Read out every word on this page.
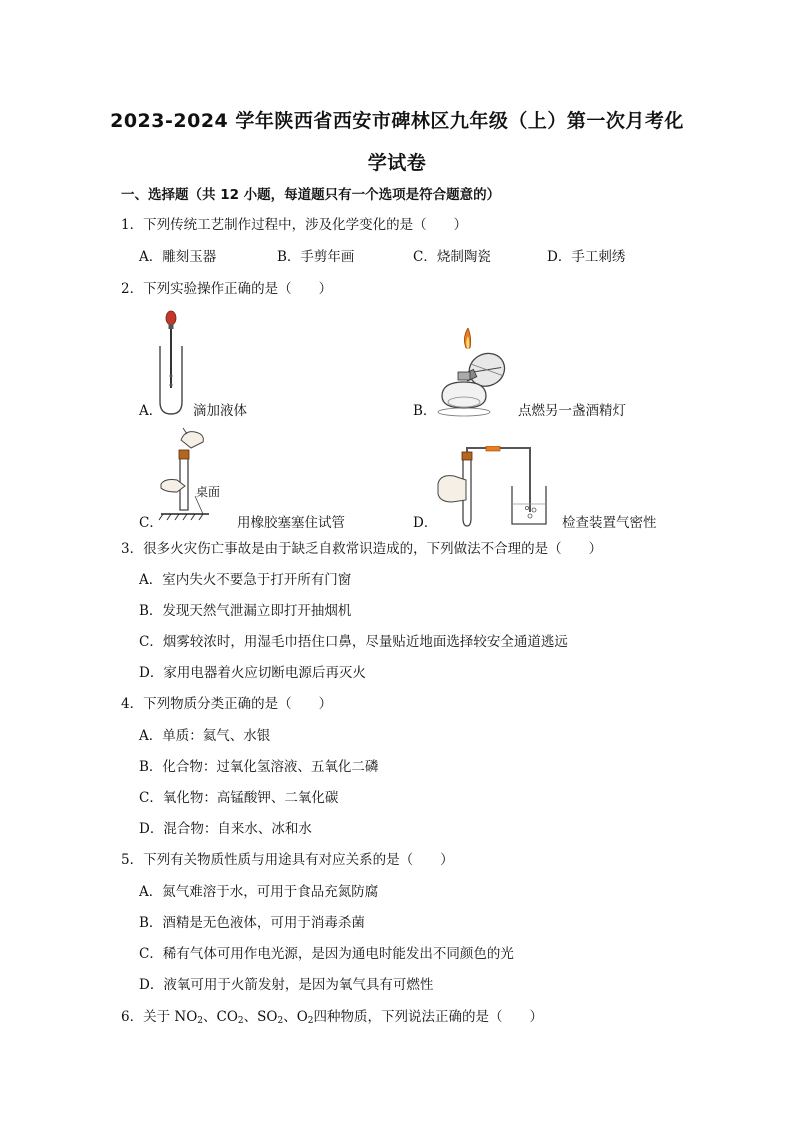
2023-2024 学年陕西省西安市碑林区九年级（上）第一次月考化
学试卷
一、选择题（共 12 小题，每道题只有一个选项是符合题意的）
1．下列传统工艺制作过程中，涉及化学变化的是（　　）
A．雕刻玉器	B．手剪年画	C．烧制陶瓷	D．手工刺绣
2．下列实验操作正确的是（　　）
A． 滴加液体	B．	点燃另一盏酒精灯
桌面
C．	用橡胶塞塞住试管	D．	检查装置气密性
3．很多火灾伤亡事故是由于缺乏自救常识造成的，下列做法不合理的是（　　）
A．室内失火不要急于打开所有门窗
B．发现天然气泄漏立即打开抽烟机
C．烟雾较浓时，用湿毛巾捂住口鼻，尽量贴近地面选择较安全通道逃远
D．家用电器着火应切断电源后再灭火
4．下列物质分类正确的是（　　）
A．单质：氦气、水银
B．化合物：过氧化氢溶液、五氧化二磷
C．氧化物：高锰酸钾、二氧化碳
D．混合物：自来水、冰和水
5．下列有关物质性质与用途具有对应关系的是（　　）
A．氮气难溶于水，可用于食品充氮防腐
B．酒精是无色液体，可用于消毒杀菌
C．稀有气体可用作电光源，是因为通电时能发出不同颜色的光
D．液氧可用于火箭发射，是因为氧气具有可燃性
6．关于 $NO_2$、$CO_2$、$SO_2$、$O_2$四种物质，下列说法正确的是（　　）
